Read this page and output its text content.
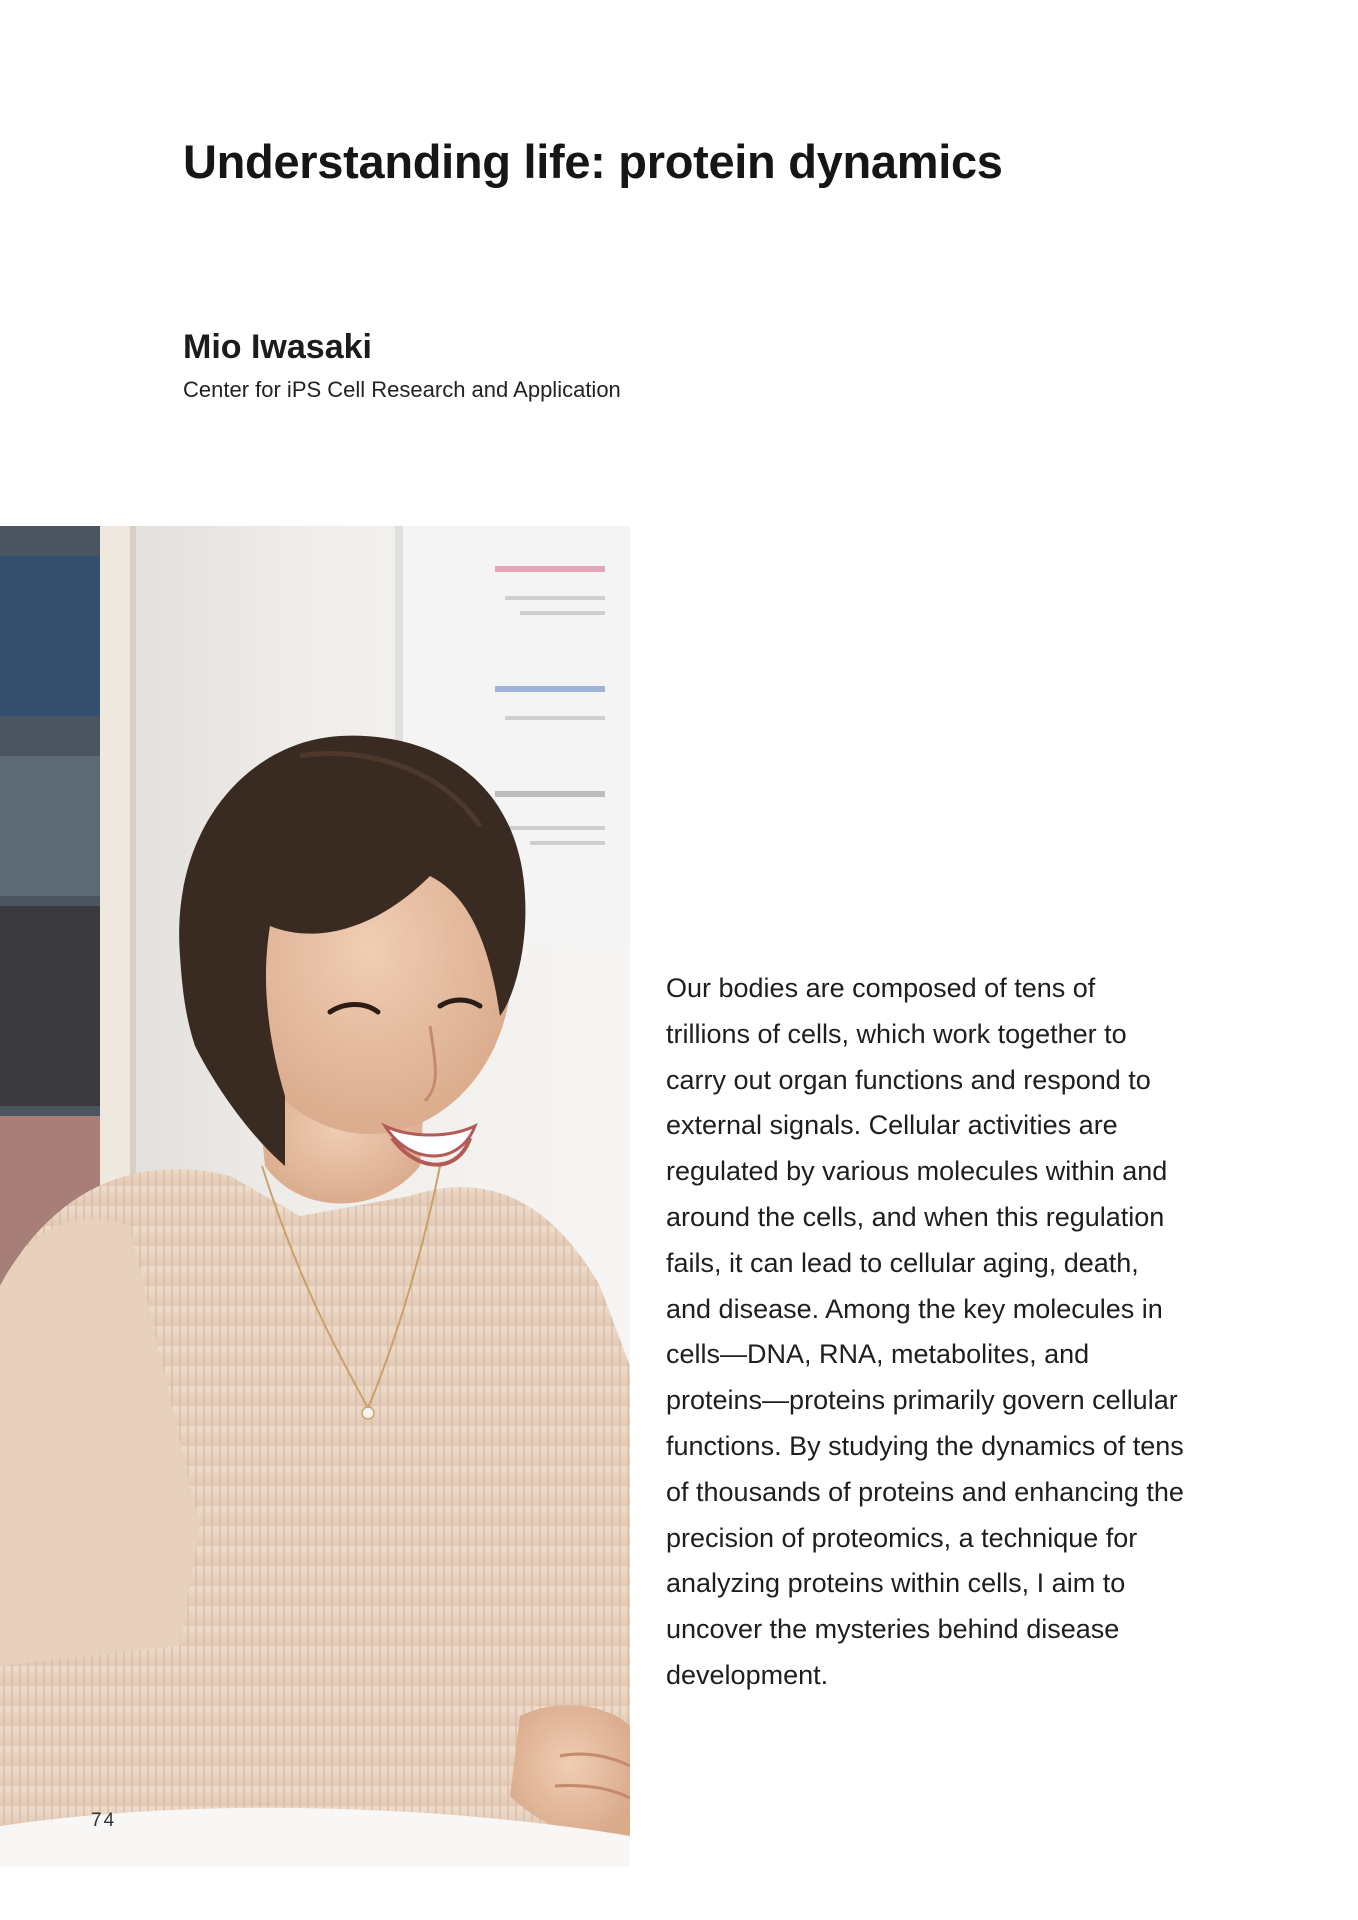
Understanding life: protein dynamics
Mio Iwasaki

Center for iPS Cell Research and Application

Our bodies are composed of tens of trillions of cells, which work together to carry out organ functions and respond to external signals. Cellular activities are regulated by various molecules within and around the cells, and when this regulation fails, it can lead to cellular aging, death, and disease. Among the key molecules in cells—DNA, RNA, metabolites, and proteins—proteins primarily govern cellular functions. By studying the dynamics of tens of thousands of proteins and enhancing the precision of proteomics, a technique for analyzing proteins within cells, I aim to uncover the mysteries behind disease development.

74
